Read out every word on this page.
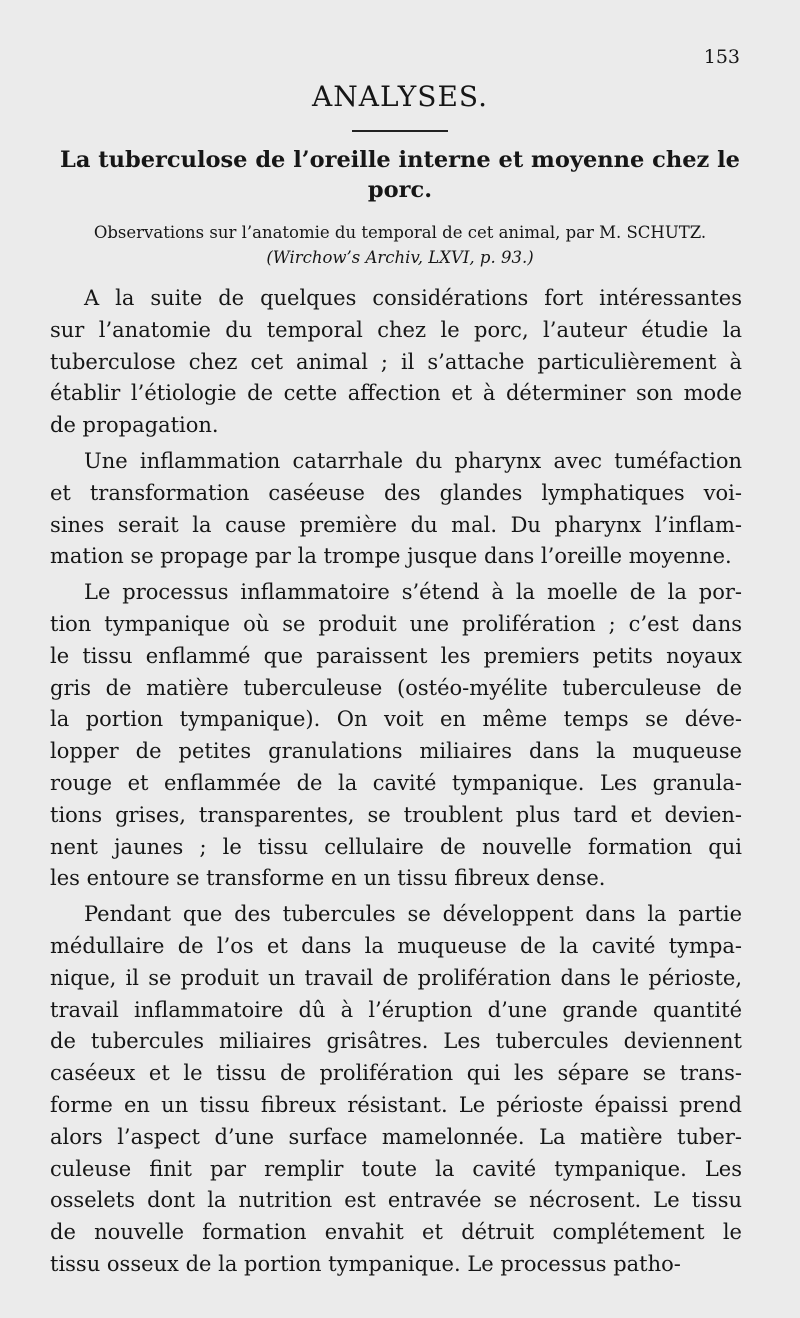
153
ANALYSES.
La tuberculose de l’oreille interne et moyenne chez le
porc.
Observations sur l’anatomie du temporal de cet animal, par M. SCHUTZ.
(Wirchow’s Archiv, LXVI, p. 93.)
A la suite de quelques considérations fort intéressantes
sur l’anatomie du temporal chez le porc, l’auteur étudie la
tuberculose chez cet animal ; il s’attache particulièrement à
établir l’étiologie de cette affection et à déterminer son mode
de propagation.
Une inflammation catarrhale du pharynx avec tuméfaction
et transformation caséeuse des glandes lymphatiques voi-
sines serait la cause première du mal. Du pharynx l’inflam-
mation se propage par la trompe jusque dans l’oreille moyenne.
Le processus inflammatoire s’étend à la moelle de la por-
tion tympanique où se produit une prolifération ; c’est dans
le tissu enflammé que paraissent les premiers petits noyaux
gris de matière tuberculeuse (ostéo-myélite tuberculeuse de
la portion tympanique). On voit en même temps se déve-
lopper de petites granulations miliaires dans la muqueuse
rouge et enflammée de la cavité tympanique. Les granula-
tions grises, transparentes, se troublent plus tard et devien-
nent jaunes ; le tissu cellulaire de nouvelle formation qui
les entoure se transforme en un tissu fibreux dense.
Pendant que des tubercules se développent dans la partie
médullaire de l’os et dans la muqueuse de la cavité tympa-
nique, il se produit un travail de prolifération dans le périoste,
travail inflammatoire dû à l’éruption d’une grande quantité
de tubercules miliaires grisâtres. Les tubercules deviennent
caséeux et le tissu de prolifération qui les sépare se trans-
forme en un tissu fibreux résistant. Le périoste épaissi prend
alors l’aspect d’une surface mamelonnée. La matière tuber-
culeuse finit par remplir toute la cavité tympanique. Les
osselets dont la nutrition est entravée se nécrosent. Le tissu
de nouvelle formation envahit et détruit complétement le
tissu osseux de la portion tympanique. Le processus patho-
